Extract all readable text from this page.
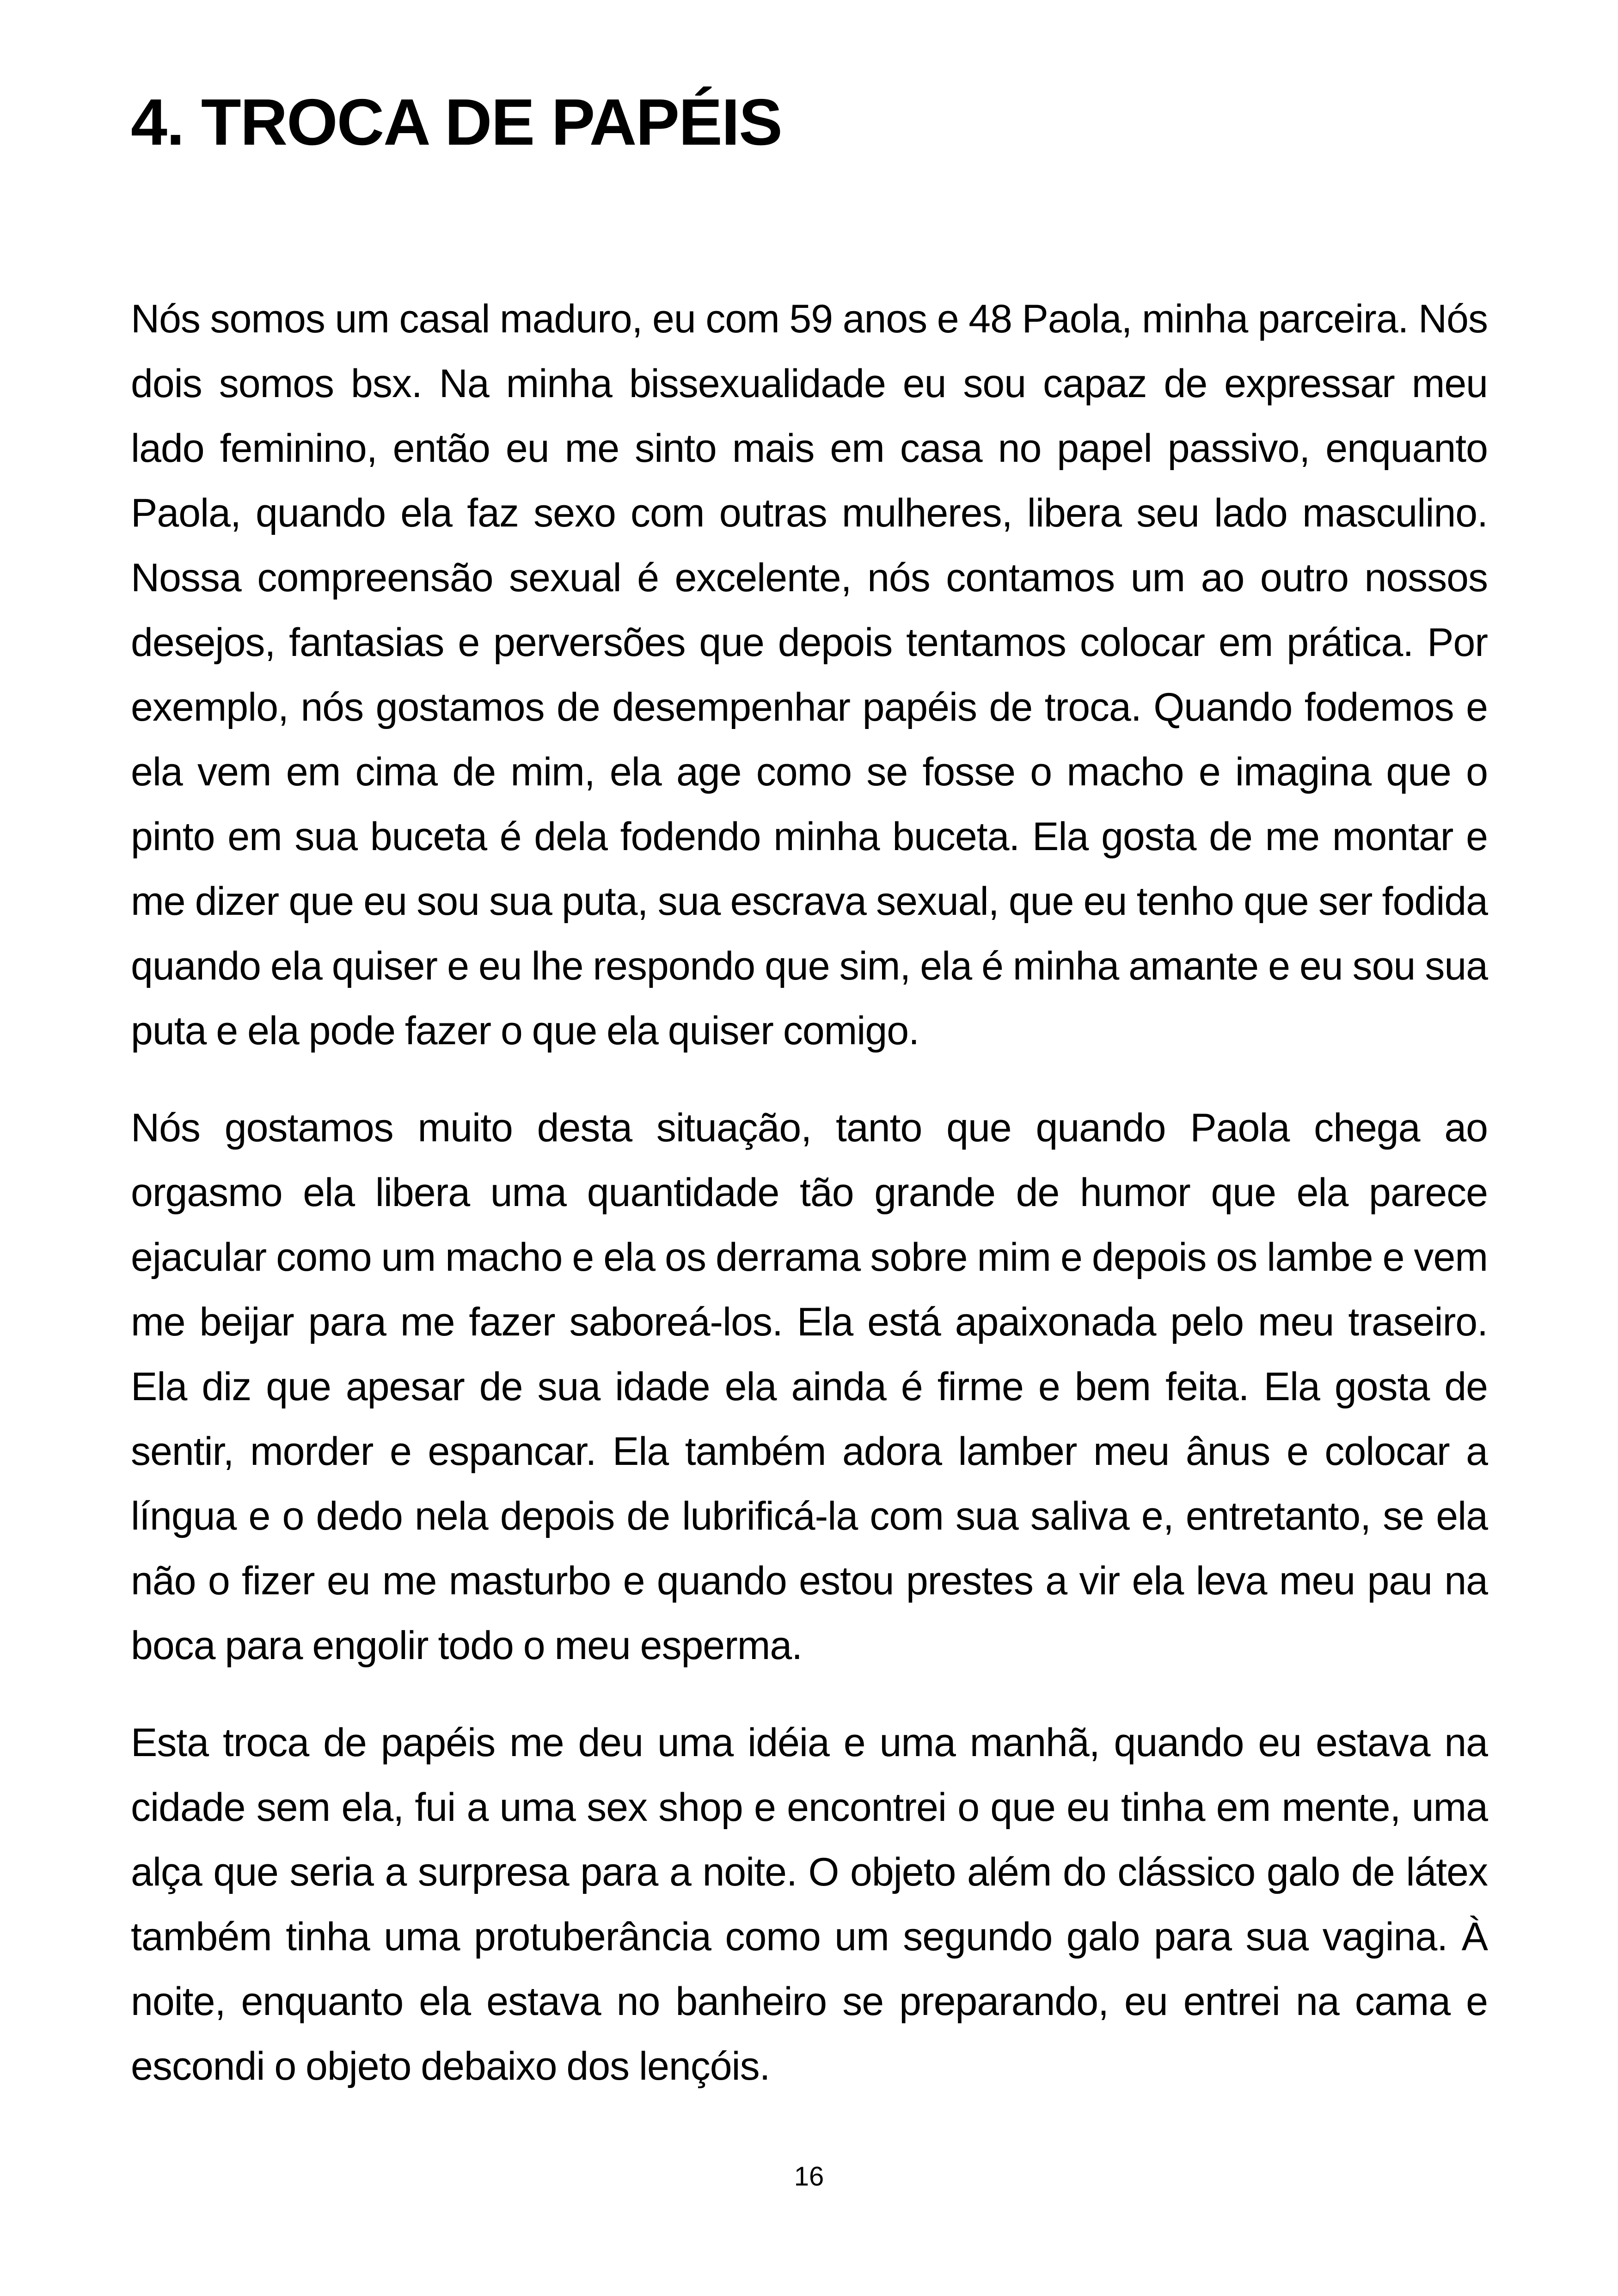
4. TROCA DE PAPÉIS

Nós somos um casal maduro, eu com 59 anos e 48 Paola, minha parceira. Nós dois somos bsx. Na minha bissexualidade eu sou capaz de expressar meu lado feminino, então eu me sinto mais em casa no papel passivo, enquanto Paola, quando ela faz sexo com outras mulheres, libera seu lado masculino. Nossa compreensão sexual é excelente, nós contamos um ao outro nossos desejos, fantasias e perversões que depois tentamos colocar em prática. Por exemplo, nós gostamos de desempenhar papéis de troca. Quando fodemos e ela vem em cima de mim, ela age como se fosse o macho e imagina que o pinto em sua buceta é dela fodendo minha buceta. Ela gosta de me montar e me dizer que eu sou sua puta, sua escrava sexual, que eu tenho que ser fodida quando ela quiser e eu lhe respondo que sim, ela é minha amante e eu sou sua puta e ela pode fazer o que ela quiser comigo.

Nós gostamos muito desta situação, tanto que quando Paola chega ao orgasmo ela libera uma quantidade tão grande de humor que ela parece ejacular como um macho e ela os derrama sobre mim e depois os lambe e vem me beijar para me fazer saboreá-los. Ela está apaixonada pelo meu traseiro. Ela diz que apesar de sua idade ela ainda é firme e bem feita. Ela gosta de sentir, morder e espancar. Ela também adora lamber meu ânus e colocar a língua e o dedo nela depois de lubrificá-la com sua saliva e, entretanto, se ela não o fizer eu me masturbo e quando estou prestes a vir ela leva meu pau na boca para engolir todo o meu esperma.

Esta troca de papéis me deu uma idéia e uma manhã, quando eu estava na cidade sem ela, fui a uma sex shop e encontrei o que eu tinha em mente, uma alça que seria a surpresa para a noite. O objeto além do clássico galo de látex também tinha uma protuberância como um segundo galo para sua vagina. À noite, enquanto ela estava no banheiro se preparando, eu entrei na cama e escondi o objeto debaixo dos lençóis.

16
